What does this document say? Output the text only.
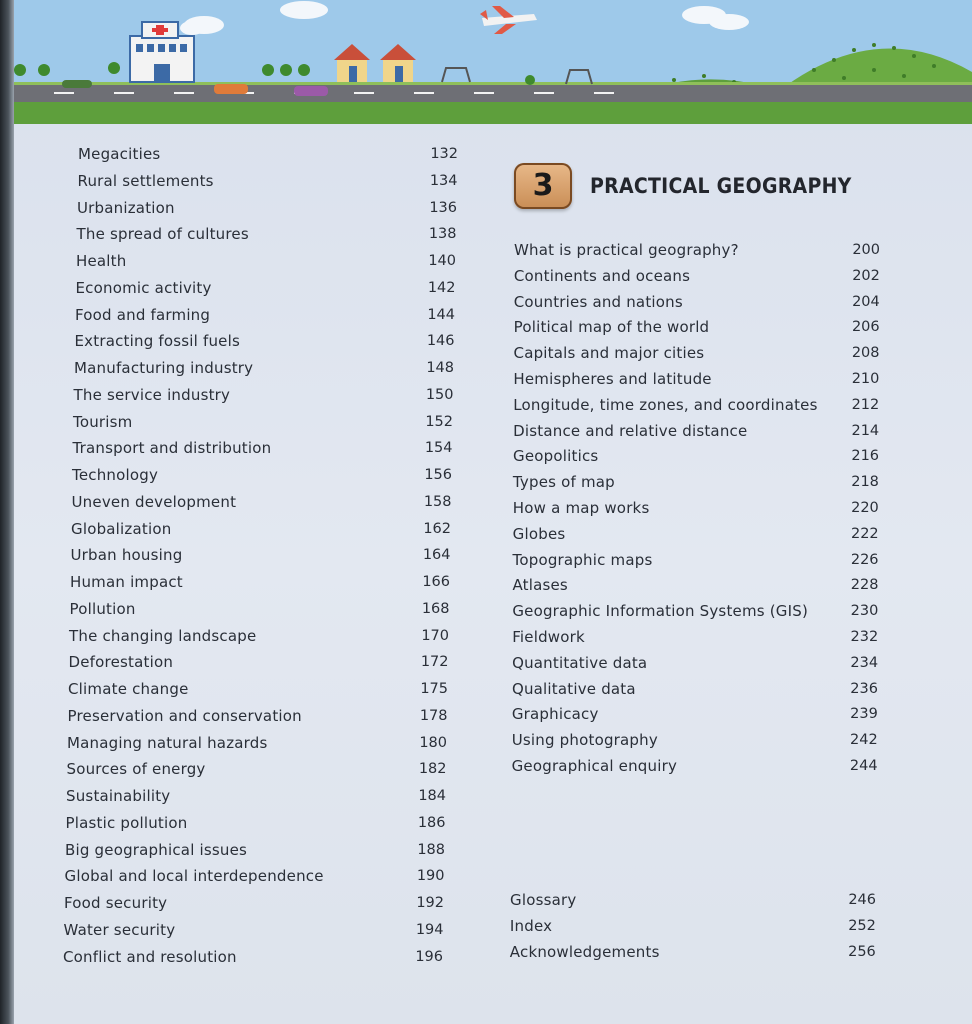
Megacities	132
Rural settlements	134
Urbanization	136
The spread of cultures	138
Health	140
Economic activity	142
Food and farming	144
Extracting fossil fuels	146
Manufacturing industry	148
The service industry	150
Tourism	152
Transport and distribution	154
Technology	156
Uneven development	158
Globalization	162
Urban housing	164
Human impact	166
Pollution	168
The changing landscape	170
Deforestation	172
Climate change	175
Preservation and conservation	178
Managing natural hazards	180
Sources of energy	182
Sustainability	184
Plastic pollution	186
Big geographical issues	188
Global and local interdependence	190
Food security	192
Water security	194
Conflict and resolution	196
3	PRACTICAL GEOGRAPHY
What is practical geography?	200
Continents and oceans	202
Countries and nations	204
Political map of the world	206
Capitals and major cities	208
Hemispheres and latitude	210
Longitude, time zones, and coordinates	212
Distance and relative distance	214
Geopolitics	216
Types of map	218
How a map works	220
Globes	222
Topographic maps	226
Atlases	228
Geographic Information Systems (GIS)	230
Fieldwork	232
Quantitative data	234
Qualitative data	236
Graphicacy	239
Using photography	242
Geographical enquiry	244
Glossary	246
Index	252
Acknowledgements	256
